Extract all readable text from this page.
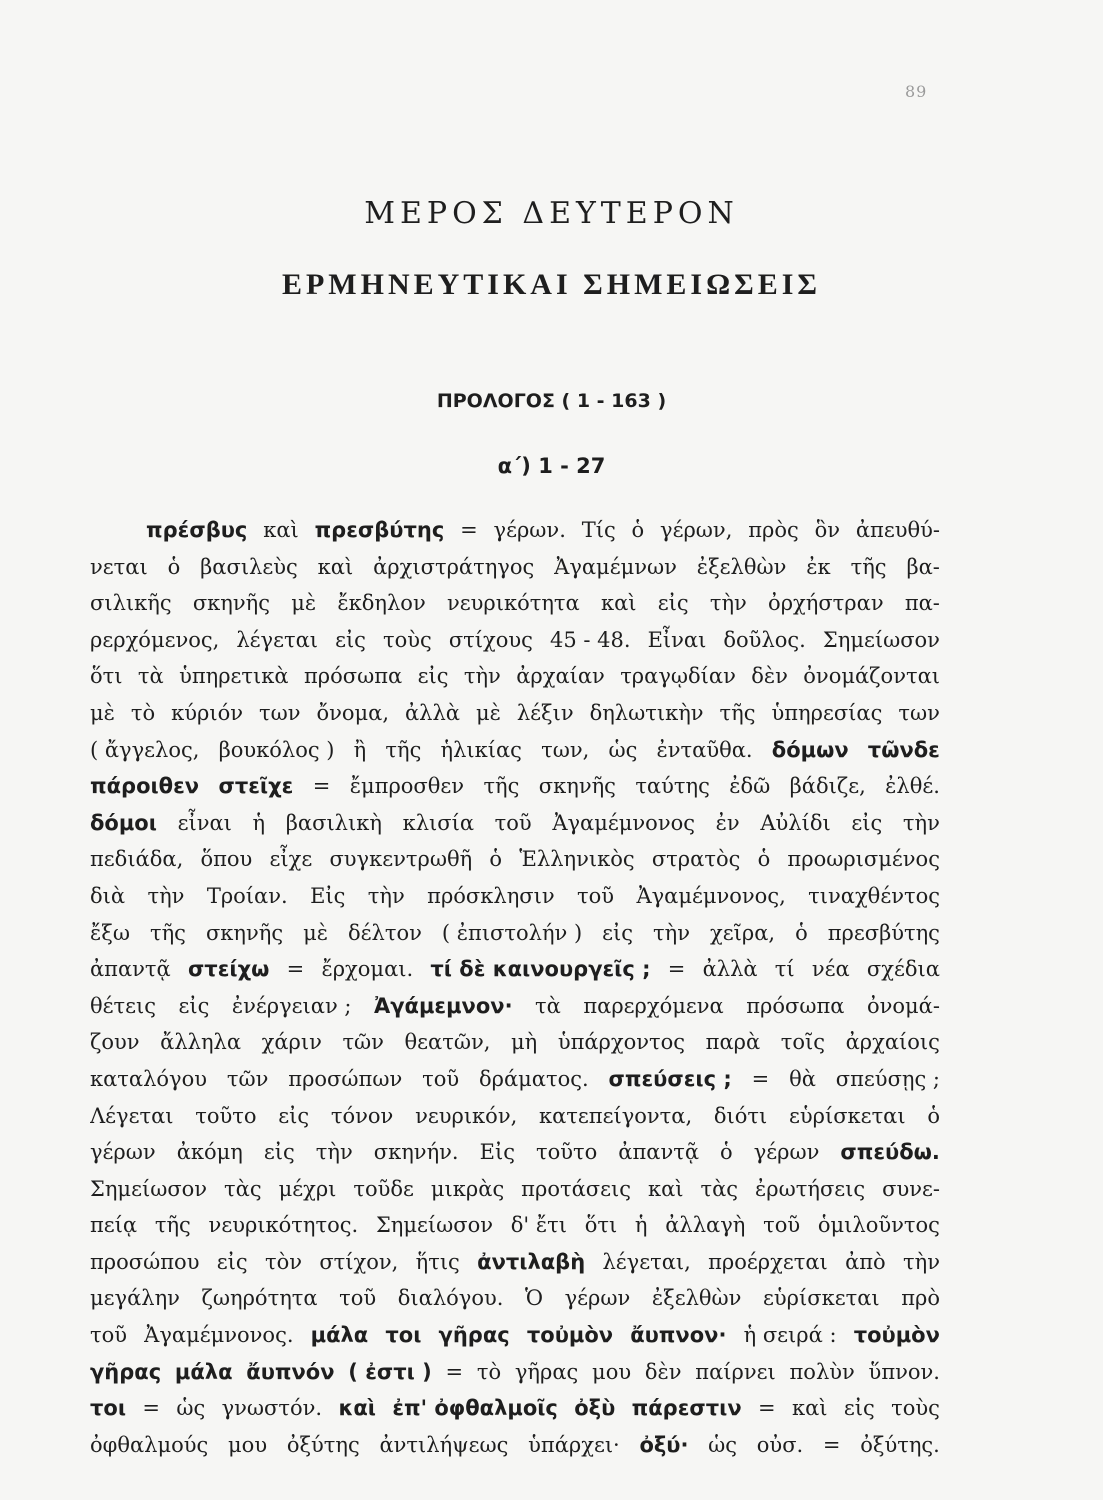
89
ΜΕΡΟΣ ΔΕΥΤΕΡΟΝ
ΕΡΜΗΝΕΥΤΙΚΑΙ ΣΗΜΕΙΩΣΕΙΣ
ΠΡΟΛΟΓΟΣ ( 1 - 163 )
α΄) 1 - 27
πρέσβυς καὶ πρεσβύτης = γέρων. Τίς ὁ γέρων, πρὸς ὃν ἀπευθύ-
νεται ὁ βασιλεὺς καὶ ἀρχιστράτηγος Ἀγαμέμνων ἐξελθὼν ἐκ τῆς βα-
σιλικῆς σκηνῆς μὲ ἔκδηλον νευρικότητα καὶ εἰς τὴν ὀρχήστραν πα-
ρερχόμενος, λέγεται εἰς τοὺς στίχους 45 - 48. Εἶναι δοῦλος. Σημείωσον
ὅτι τὰ ὑπηρετικὰ πρόσωπα εἰς τὴν ἀρχαίαν τραγῳδίαν δὲν ὀνομάζονται
μὲ τὸ κύριόν των ὄνομα, ἀλλὰ μὲ λέξιν δηλωτικὴν τῆς ὑπηρεσίας των
( ἄγγελος, βουκόλος ) ἢ τῆς ἡλικίας των, ὡς ἐνταῦθα. δόμων τῶνδε
πάροιθεν στεῖχε = ἔμπροσθεν τῆς σκηνῆς ταύτης ἐδῶ βάδιζε, ἐλθέ.
δόμοι εἶναι ἡ βασιλικὴ κλισία τοῦ Ἀγαμέμνονος ἐν Αὐλίδι εἰς τὴν
πεδιάδα, ὅπου εἶχε συγκεντρωθῆ ὁ Ἑλληνικὸς στρατὸς ὁ προωρισμένος
διὰ τὴν Τροίαν. Εἰς τὴν πρόσκλησιν τοῦ Ἀγαμέμνονος, τιναχθέντος
ἔξω τῆς σκηνῆς μὲ δέλτον ( ἐπιστολήν ) εἰς τὴν χεῖρα, ὁ πρεσβύτης
ἀπαντᾷ στείχω = ἔρχομαι. τί δὲ καινουργεῖς ; = ἀλλὰ τί νέα σχέδια
θέτεις εἰς ἐνέργειαν ; Ἀγάμεμνον· τὰ παρερχόμενα πρόσωπα ὀνομά-
ζουν ἄλληλα χάριν τῶν θεατῶν, μὴ ὑπάρχοντος παρὰ τοῖς ἀρχαίοις
καταλόγου τῶν προσώπων τοῦ δράματος. σπεύσεις ; = θὰ σπεύσῃς ;
Λέγεται τοῦτο εἰς τόνον νευρικόν, κατεπείγοντα, διότι εὑρίσκεται ὁ
γέρων ἀκόμη εἰς τὴν σκηνήν. Εἰς τοῦτο ἀπαντᾷ ὁ γέρων σπεύδω.
Σημείωσον τὰς μέχρι τοῦδε μικρὰς προτάσεις καὶ τὰς ἐρωτήσεις συνε-
πείᾳ τῆς νευρικότητος. Σημείωσον δ' ἔτι ὅτι ἡ ἀλλαγὴ τοῦ ὁμιλοῦντος
προσώπου εἰς τὸν στίχον, ἥτις ἀντιλαβὴ λέγεται, προέρχεται ἀπὸ τὴν
μεγάλην ζωηρότητα τοῦ διαλόγου. Ὁ γέρων ἐξελθὼν εὑρίσκεται πρὸ
τοῦ Ἀγαμέμνονος. μάλα τοι γῆρας τοὐμὸν ἄυπνον· ἡ σειρά : τοὐμὸν
γῆρας μάλα ἄυπνόν ( ἐστι ) = τὸ γῆρας μου δὲν παίρνει πολὺν ὕπνον.
τοι = ὡς γνωστόν. καὶ ἐπ' ὀφθαλμοῖς ὀξὺ πάρεστιν = καὶ εἰς τοὺς
ὀφθαλμούς μου ὀξύτης ἀντιλήψεως ὑπάρχει· ὀξύ· ὡς οὐσ. = ὀξύτης.
